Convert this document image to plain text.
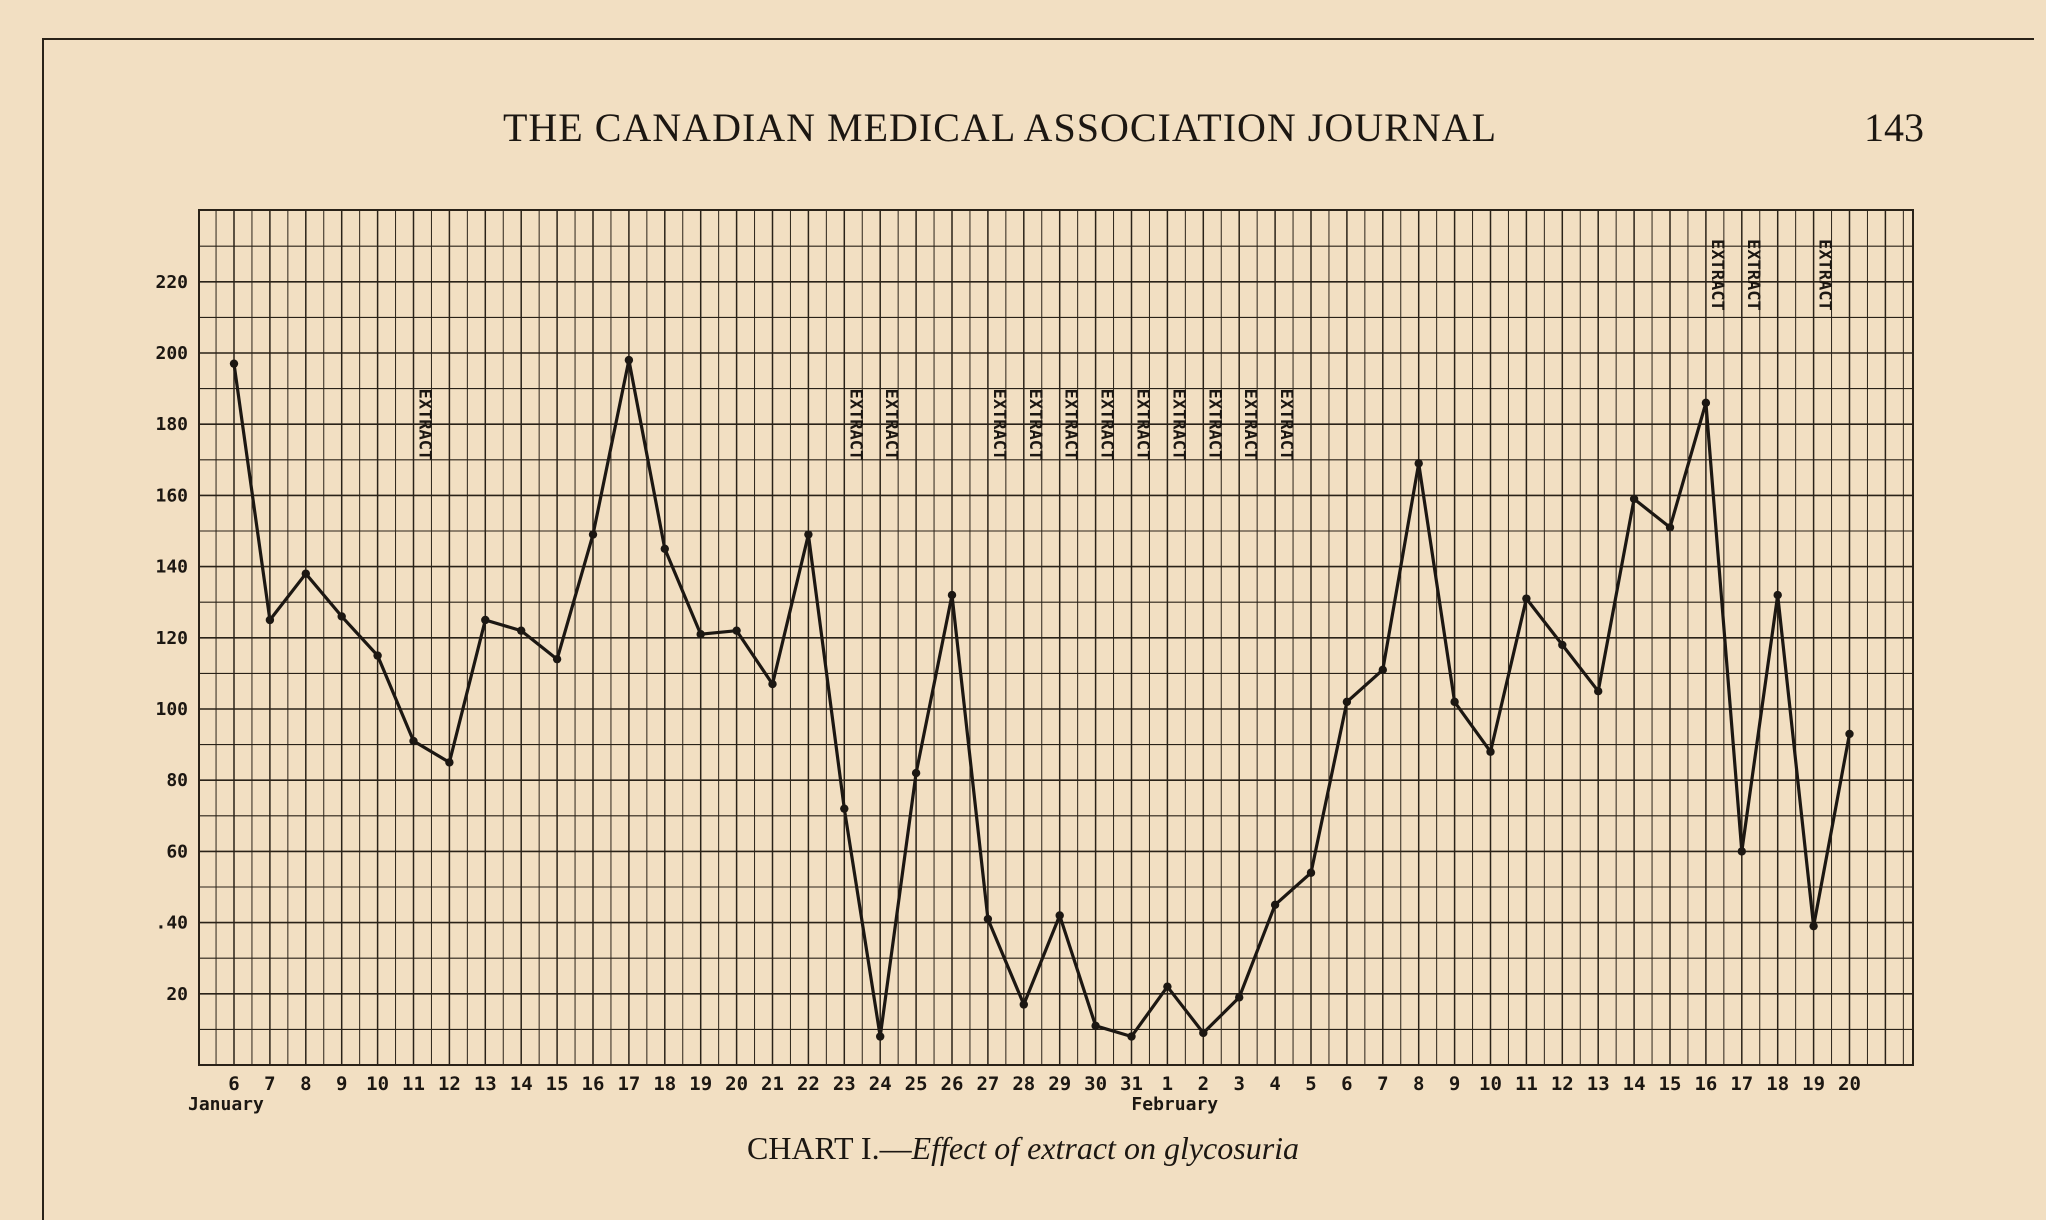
THE CANADIAN MEDICAL ASSOCIATION JOURNAL	143
20
.40
60
80
100
120
140
160
180
200
220
6 7 8 9 10 11 12 13 14 15 16 17 18 19 20 21 22 23 24 25 26 27 28 29 30 31 1 2 3 4 5 6 7 8 9 10 11 12 13 14 15 16 17 18 19 20
January	February
EXTRACT	EXTRACT EXTRACT	EXTRACT EXTRACT EXTRACT EXTRACT EXTRACT EXTRACT EXTRACT EXTRACT EXTRACT
EXTRACT EXTRACT	EXTRACT
CHART I.—Effect of extract on glycosuria
